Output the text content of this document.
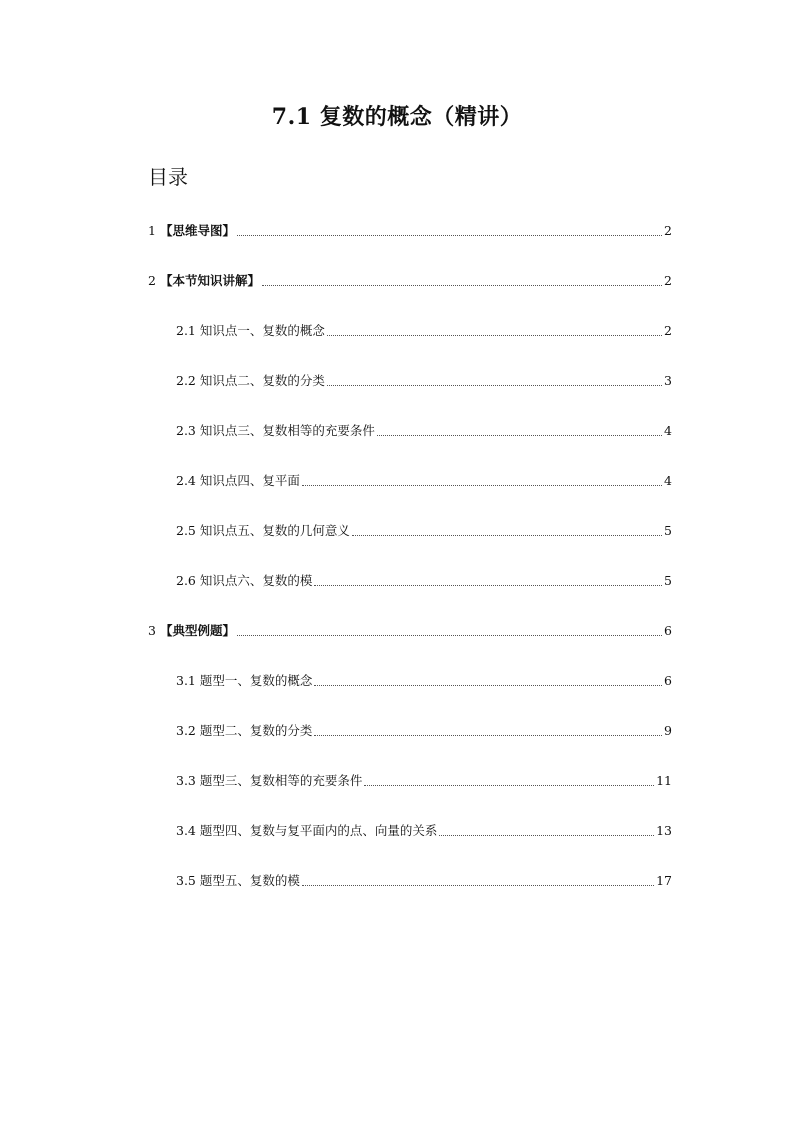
7.1 复数的概念（精讲）
目录
1 【思维导图】	2
2 【本节知识讲解】	2
2.1 知识点一、复数的概念	2
2.2 知识点二、复数的分类	3
2.3 知识点三、复数相等的充要条件	4
2.4 知识点四、复平面	4
2.5 知识点五、复数的几何意义	5
2.6 知识点六、复数的模	5
3 【典型例题】	6
3.1 题型一、复数的概念	6
3.2 题型二、复数的分类	9
3.3 题型三、复数相等的充要条件	11
3.4 题型四、复数与复平面内的点、向量的关系	13
3.5 题型五、复数的模	17
